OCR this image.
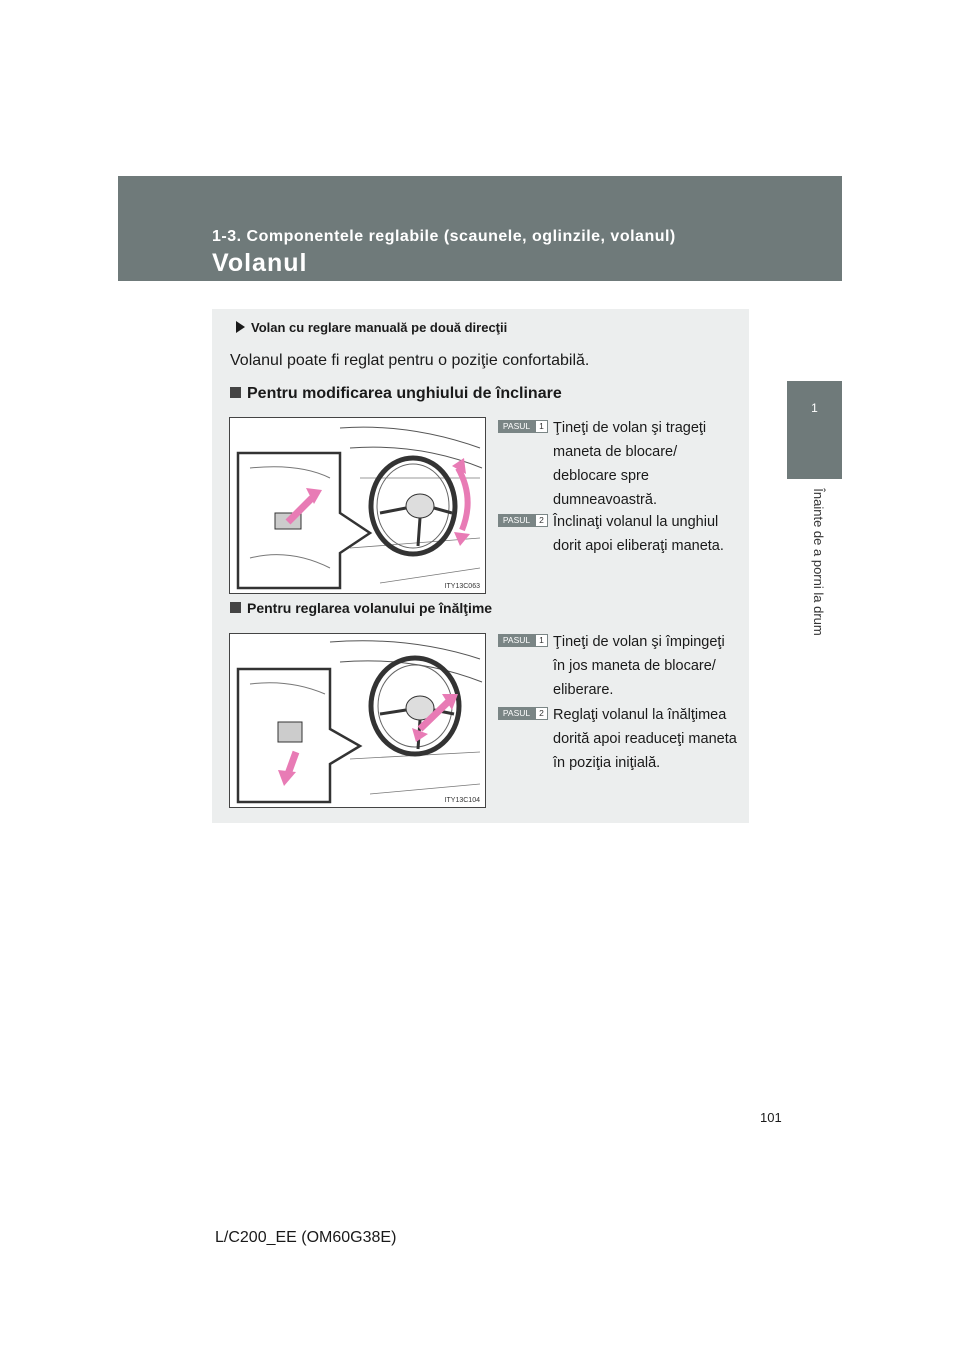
1-3. Componentele reglabile (scaunele, oglinzile, volanul)
Volanul
1
Înainte de a porni la drum
Volan cu reglare manuală pe două direcţii
Volanul poate fi reglat pentru o poziţie confortabilă.
Pentru modificarea unghiului de înclinare
ITY13C063
PASUL	1 Ţineţi de volan şi trageţi maneta de blocare/ deblocare spre dumneavoastră.
PASUL	2 Înclinaţi volanul la unghiul dorit apoi eliberaţi maneta.
Pentru reglarea volanului pe înălţime
ITY13C104
PASUL	1 Ţineţi de volan şi împingeţi în jos maneta de blocare/ eliberare.
PASUL	2 Reglaţi volanul la înălţimea dorită apoi readuceţi maneta în poziţia iniţială.
101
L/C200_EE (OM60G38E)
